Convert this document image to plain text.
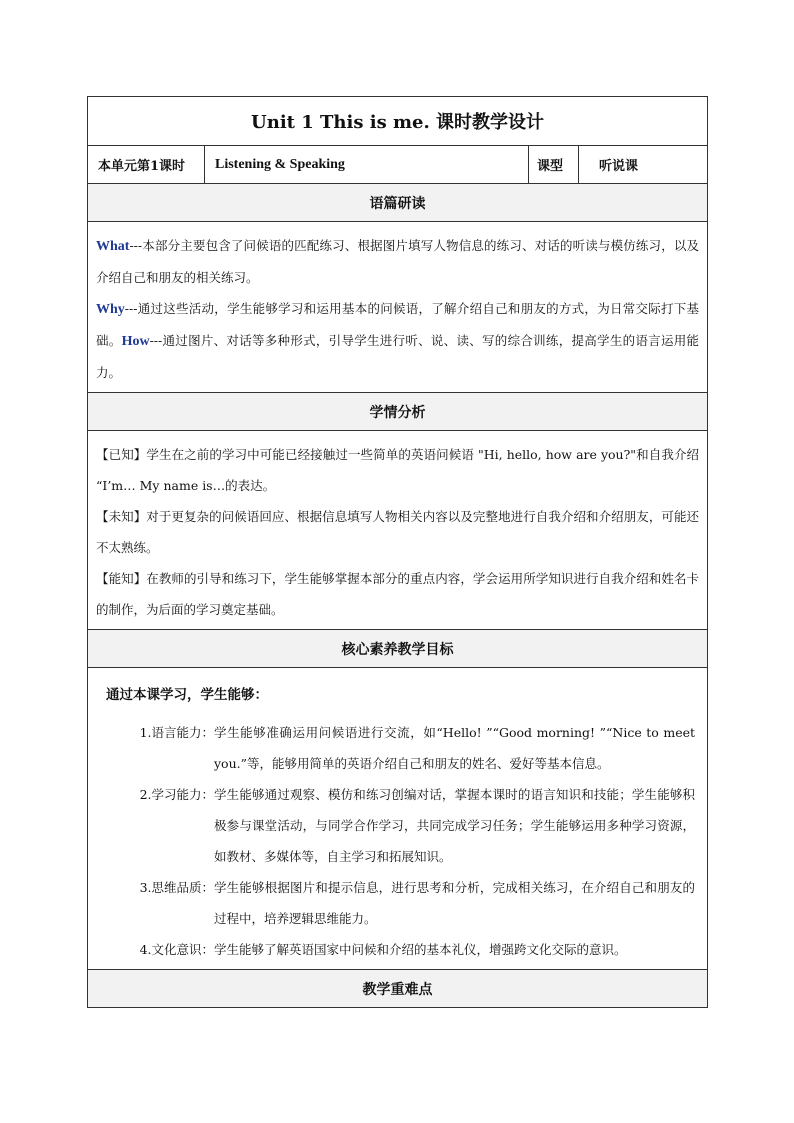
Unit 1 This is me. 课时教学设计
本单元第1课时	Listening & Speaking	课型	听说课
语篇研读

What---本部分主要包含了问候语的匹配练习、根据图片填写人物信息的练习、对话的听读与模仿练习，以及介绍自己和朋友的相关练习。

Why---通过这些活动，学生能够学习和运用基本的问候语，了解介绍自己和朋友的方式，为日常交际打下基础。How---通过图片、对话等多种形式，引导学生进行听、说、读、写的综合训练，提高学生的语言运用能力。

学情分析

【已知】学生在之前的学习中可能已经接触过一些简单的英语问候语 "Hi, hello, how are you?"和自我介绍 “I’m… My name is…的表达。

【未知】对于更复杂的问候语回应、根据信息填写人物相关内容以及完整地进行自我介绍和介绍朋友，可能还不太熟练。

【能知】在教师的引导和练习下，学生能够掌握本部分的重点内容，学会运用所学知识进行自我介绍和姓名卡的制作，为后面的学习奠定基础。

核心素养教学目标

通过本课学习，学生能够：

1.语言能力： 学生能够准确运用问候语进行交流，如“Hello! ”“Good morning! ”“Nice to meet you.”等，能够用简单的英语介绍自己和朋友的姓名、爱好等基本信息。
2.学习能力： 学生能够通过观察、模仿和练习创编对话，掌握本课时的语言知识和技能；学生能够积极参与课堂活动，与同学合作学习，共同完成学习任务；学生能够运用多种学习资源，如教材、多媒体等，自主学习和拓展知识。
3.思维品质： 学生能够根据图片和提示信息，进行思考和分析，完成相关练习，在介绍自己和朋友的过程中，培养逻辑思维能力。
4.文化意识： 学生能够了解英语国家中问候和介绍的基本礼仪，增强跨文化交际的意识。

教学重难点
